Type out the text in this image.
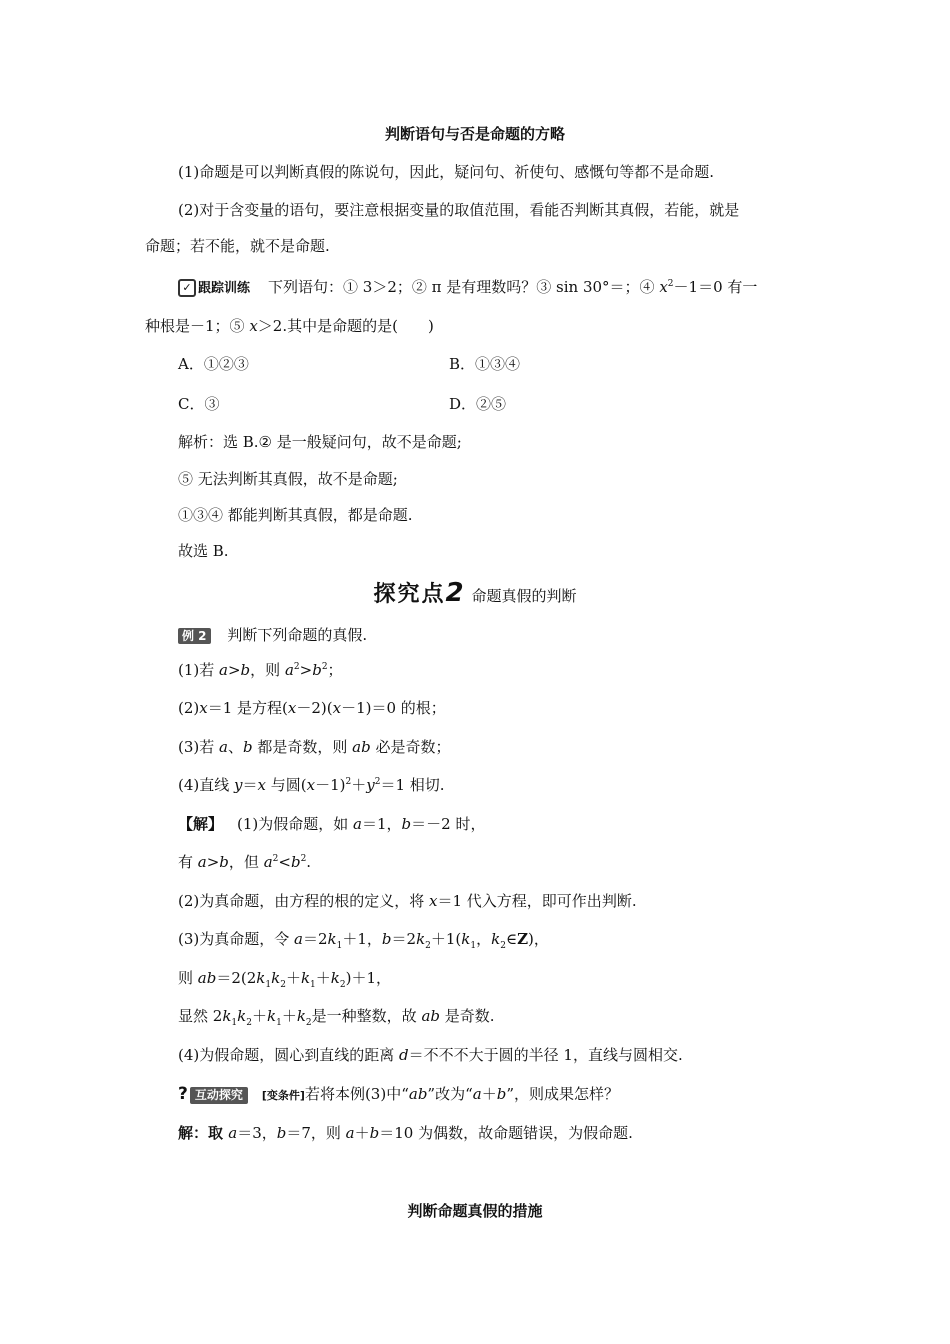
判断语句与否是命题的方略
(1)命题是可以判断真假的陈说句，因此，疑问句、祈使句、感慨句等都不是命题.
(2)对于含变量的语句，要注意根据变量的取值范围，看能否判断其真假，若能，就是
命题；若不能，就不是命题.
✓ 跟踪训练 下列语句：① 3＞2；② π 是有理数吗？③ sin 30°＝；④ $x^2-1=0$ 有一
种根是－1；⑤ x＞2.其中是命题的是(　　)
A．①②③	B．①③④
C．③	D．②⑤
解析：选 B.② 是一般疑问句，故不是命题;
⑤ 无法判断其真假，故不是命题;
①③④ 都能判断其真假，都是命题.
故选 B.
探究点2 命题真假的判断
例 2 判断下列命题的真假.
(1)若 a>b，则 $a^2>b^2$；
(2)x＝1 是方程(x－2)(x－1)＝0 的根；
(3)若 a、b 都是奇数，则 ab 必是奇数；
(4)直线 y＝x 与圆$(x-1)^2+y^2=1$ 相切.
【解】 (1)为假命题，如 a＝1，b＝－2 时，
有 a>b，但 $a^2<b^2$.
(2)为真命题，由方程的根的定义，将 x＝1 代入方程，即可作出判断.
(3)为真命题，令 $a=2k_1+1$，$b=2k_2+1(k_1$，$k_2\in Z$)，
则 $ab=2(2k_1k_2+k_1+k_2)+1$，
显然 $2k_1k_2+k_1+k_2$是一种整数，故 ab 是奇数.
(4)为假命题，圆心到直线的距离 d＝不不不大于圆的半径 1，直线与圆相交.
? 互动探究 [变条件]若将本例(3)中“ab”改为“a＋b”，则成果怎样？
解：取 a＝3，b＝7，则 a＋b＝10 为偶数，故命题错误，为假命题.
判断命题真假的措施
